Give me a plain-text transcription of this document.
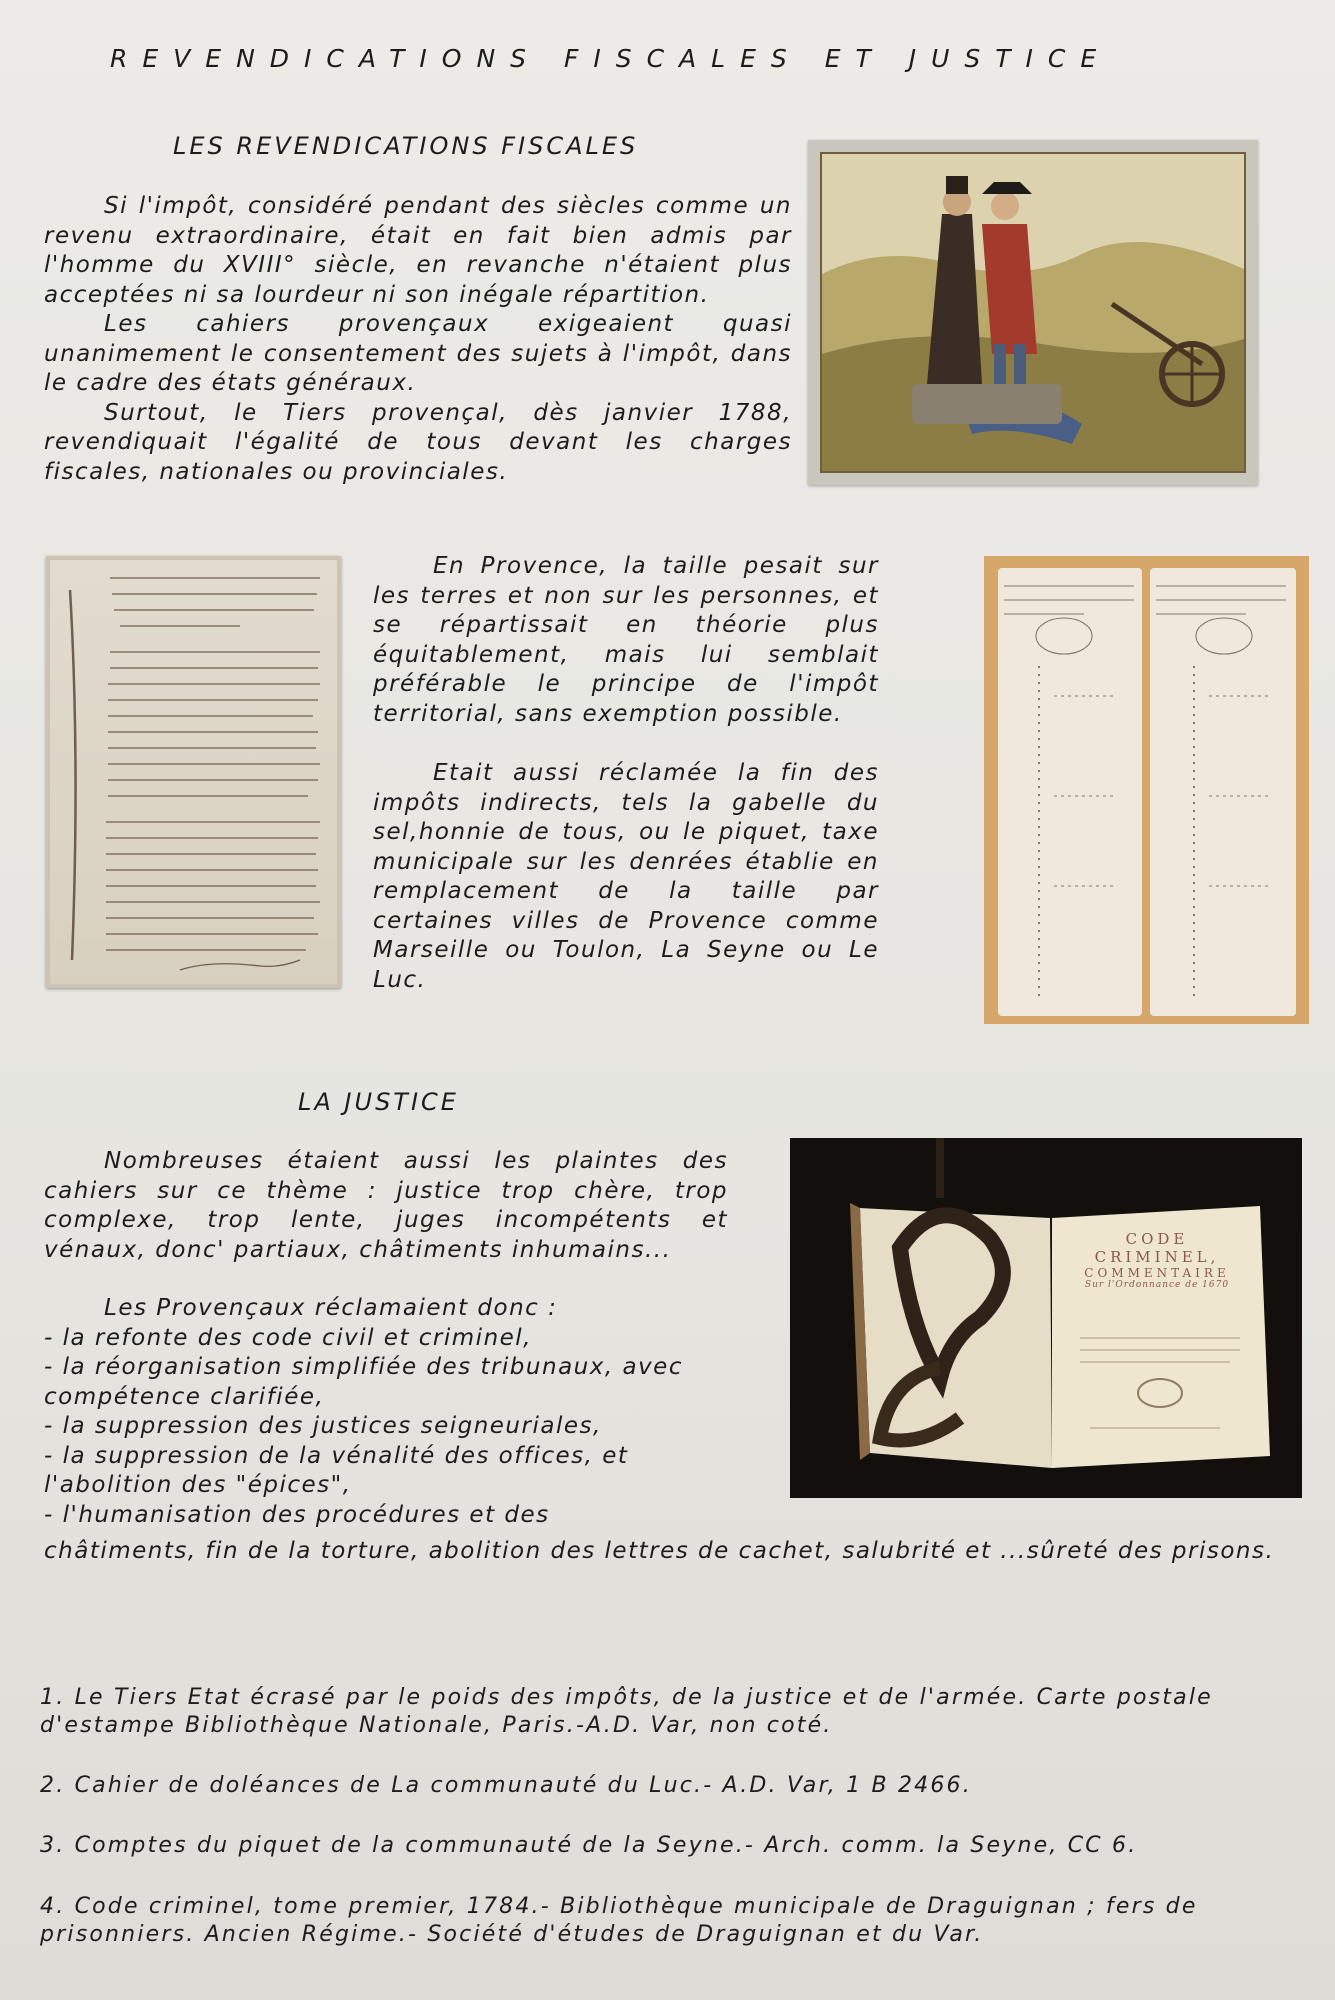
REVENDICATIONS FISCALES ET JUSTICE
LES REVENDICATIONS FISCALES

Si l'impôt, considéré pendant des siècles comme un revenu extraordinaire, était en fait bien admis par l'homme du XVIII° siècle, en revanche n'étaient plus acceptées ni sa lourdeur ni son inégale répartition.

Les cahiers provençaux exigeaient quasi unanimement le consentement des sujets à l'impôt, dans le cadre des états généraux.

Surtout, le Tiers provençal, dès janvier 1788, revendiquait l'égalité de tous devant les charges fiscales, nationales ou provinciales.

En Provence, la taille pesait sur les terres et non sur les personnes, et se répartissait en théorie plus équitablement, mais lui semblait préférable le principe de l'impôt territorial, sans exemption possible.

Etait aussi réclamée la fin des impôts indirects, tels la gabelle du sel,honnie de tous, ou le piquet, taxe municipale sur les denrées établie en remplacement de la taille par certaines villes de Provence comme Marseille ou Toulon, La Seyne ou Le Luc.

LA JUSTICE

Nombreuses étaient aussi les plaintes des cahiers sur ce thème : justice trop chère, trop complexe, trop lente, juges incompétents et vénaux, donc' partiaux, châtiments inhumains...

Les Provençaux réclamaient donc :
- la refonte des code civil et criminel,
- la réorganisation simplifiée des tribunaux, avec compétence clarifiée,
- la suppression des justices seigneuriales,
- la suppression de la vénalité des offices, et l'abolition des "épices",
- l'humanisation des procédures et des

châtiments, fin de la torture, abolition des lettres de cachet, salubrité et ...sûreté des prisons.

CODE
CRIMINEL,
COMMENTAIRE
Sur l'Ordonnance de 1670
1. Le Tiers Etat écrasé par le poids des impôts, de la justice et de l'armée. Carte postale d'estampe Bibliothèque Nationale, Paris.-A.D. Var, non coté.
2. Cahier de doléances de La communauté du Luc.- A.D. Var, 1 B 2466.
3. Comptes du piquet de la communauté de la Seyne.- Arch. comm. la Seyne, CC 6.
4. Code criminel, tome premier, 1784.- Bibliothèque municipale de Draguignan ; fers de prisonniers. Ancien Régime.- Société d'études de Draguignan et du Var.
